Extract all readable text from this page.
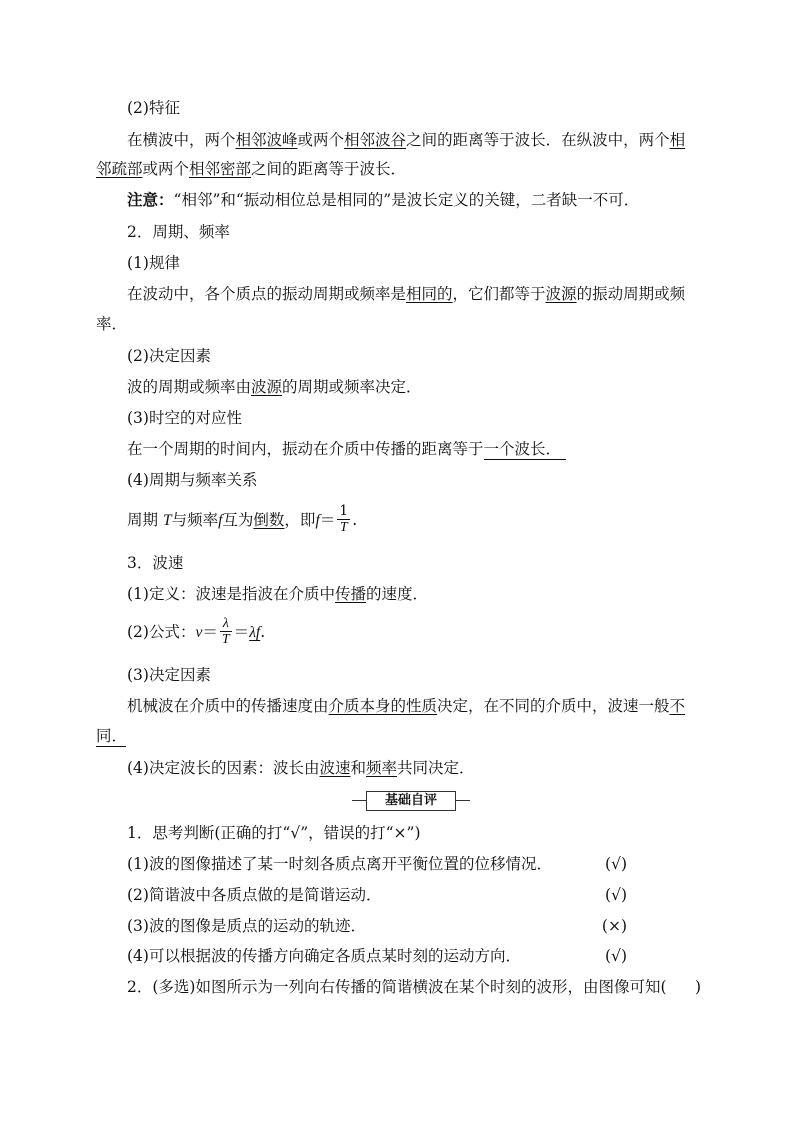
(2)特征
在横波中，两个相邻波峰或两个相邻波谷之间的距离等于波长．在纵波中，两个相
邻疏部或两个相邻密部之间的距离等于波长．
注意：“相邻”和“振动相位总是相同的”是波长定义的关键，二者缺一不可．
2．周期、频率
(1)规律
在波动中，各个质点的振动周期或频率是相同的，它们都等于波源的振动周期或频
率．
(2)决定因素
波的周期或频率由波源的周期或频率决定．
(3)时空的对应性
在一个周期的时间内，振动在介质中传播的距离等于一个波长．
(4)周期与频率关系
周期 T与频率f互为倒数，即$f= \frac{1}{T}$ .
3．波速
(1)定义：波速是指波在介质中传播的速度．
(2)公式：$v= \frac{\lambda}{T} =\lambda f$.
(3)决定因素
机械波在介质中的传播速度由介质本身的性质决定，在不同的介质中，波速一般不
同．
(4)决定波长的因素：波长由波速和频率共同决定．
基础自评
1．思考判断(正确的打“√”，错误的打“×”)
(1)波的图像描述了某一时刻各质点离开平衡位置的位移情况．	(√)
(2)简谐波中各质点做的是简谐运动．	(√)
(3)波的图像是质点的运动的轨迹．	(×)
(4)可以根据波的传播方向确定各质点某时刻的运动方向．	(√)
2．(多选)如图所示为一列向右传播的简谐横波在某个时刻的波形，由图像可知( )
